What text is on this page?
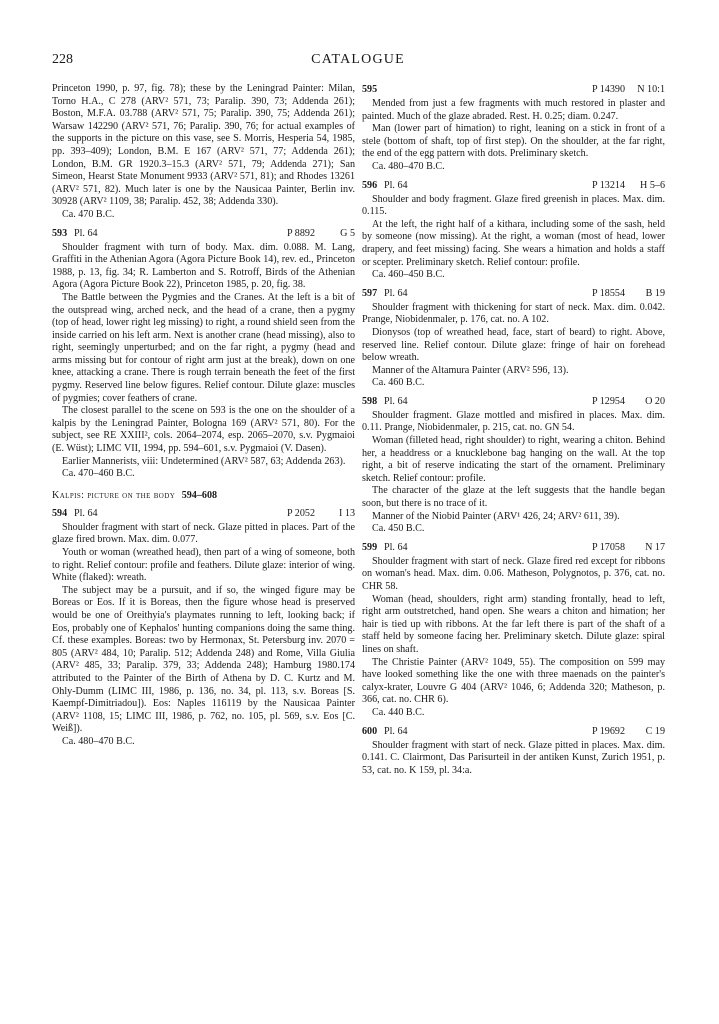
228	CATALOGUE

Princeton 1990, p. 97, fig. 78); these by the Leningrad Painter: Milan, Torno H.A., C 278 (ARV² 571, 73; Paralip. 390, 73; Addenda 261); Boston, M.F.A. 03.788 (ARV² 571, 75; Paralip. 390, 75; Addenda 261); Warsaw 142290 (ARV² 571, 76; Paralip. 390, 76; for actual examples of the supports in the picture on this vase, see S. Morris, Hesperia 54, 1985, pp. 393–409); London, B.M. E 167 (ARV² 571, 77; Addenda 261); London, B.M. GR 1920.3–15.3 (ARV² 571, 79; Addenda 271); San Simeon, Hearst State Monument 9933 (ARV² 571, 81); and Rhodes 13261 (ARV² 571, 82). Much later is one by the Nausicaa Painter, Berlin inv. 30928 (ARV² 1109, 38; Paralip. 452, 38; Addenda 330).

Ca. 470 B.C.

593 Pl. 64	P 8892 G 5

Shoulder fragment with turn of body. Max. dim. 0.088. M. Lang, Graffiti in the Athenian Agora (Agora Picture Book 14), rev. ed., Princeton 1988, p. 13, fig. 34; R. Lamberton and S. Rotroff, Birds of the Athenian Agora (Agora Picture Book 22), Princeton 1985, p. 20, fig. 38.

The Battle between the Pygmies and the Cranes. At the left is a bit of the outspread wing, arched neck, and the head of a crane, then a pygmy (top of head, lower right leg missing) to right, a round shield seen from the inside carried on his left arm. Next is another crane (head missing), also to right, seemingly unperturbed; and on the far right, a pygmy (head and arms missing but for contour of right arm just at the break), down on one knee, attacking a crane. There is rough terrain beneath the feet of the first pygmy. Reserved line below figures. Relief contour. Dilute glaze: muscles of pygmies; cover feathers of crane.

The closest parallel to the scene on 593 is the one on the shoulder of a kalpis by the Leningrad Painter, Bologna 169 (ARV² 571, 80). For the subject, see RE XXIII², cols. 2064–2074, esp. 2065–2070, s.v. Pygmaioi (E. Wüst); LIMC VII, 1994, pp. 594–601, s.v. Pygmaioi (V. Dasen).

Earlier Mannerists, viii: Undetermined (ARV² 587, 63; Addenda 263).

Ca. 470–460 B.C.

Kalpis: picture on the body 594–608
594 Pl. 64	P 2052 I 13

Shoulder fragment with start of neck. Glaze pitted in places. Part of the glaze fired brown. Max. dim. 0.077.

Youth or woman (wreathed head), then part of a wing of someone, both to right. Relief contour: profile and feathers. Dilute glaze: interior of wing. White (flaked): wreath.

The subject may be a pursuit, and if so, the winged figure may be Boreas or Eos. If it is Boreas, then the figure whose head is preserved would be one of Oreithyia's playmates running to left, looking back; if Eos, probably one of Kephalos' hunting companions doing the same thing. Cf. these examples. Boreas: two by Hermonax, St. Petersburg inv. 2070 = 805 (ARV² 484, 10; Paralip. 512; Addenda 248) and Rome, Villa Giulia (ARV² 485, 33; Paralip. 379, 33; Addenda 248); Hamburg 1980.174 attributed to the Painter of the Birth of Athena by D. C. Kurtz and M. Ohly-Dumm (LIMC III, 1986, p. 136, no. 34, pl. 113, s.v. Boreas [S. Kaempf-Dimitriadou]). Eos: Naples 116119 by the Nausicaa Painter (ARV² 1108, 15; LIMC III, 1986, p. 762, no. 105, pl. 569, s.v. Eos [C. Weiß]).

Ca. 480–470 B.C.

595	P 14390 N 10:1

Mended from just a few fragments with much restored in plaster and painted. Much of the glaze abraded. Rest. H. 0.25; diam. 0.247.

Man (lower part of himation) to right, leaning on a stick in front of a stele (bottom of shaft, top of first step). On the shoulder, at the far right, the end of the egg pattern with dots. Preliminary sketch.

Ca. 480–470 B.C.

596 Pl. 64	P 13214 H 5–6

Shoulder and body fragment. Glaze fired greenish in places. Max. dim. 0.115.

At the left, the right half of a kithara, including some of the sash, held by someone (now missing). At the right, a woman (most of head, lower drapery, and feet missing) facing. She wears a himation and holds a staff or scepter. Preliminary sketch. Relief contour: profile.

Ca. 460–450 B.C.

597 Pl. 64	P 18554 B 19

Shoulder fragment with thickening for start of neck. Max. dim. 0.042. Prange, Niobidenmaler, p. 176, cat. no. A 102.

Dionysos (top of wreathed head, face, start of beard) to right. Above, reserved line. Relief contour. Dilute glaze: fringe of hair on forehead below wreath.

Manner of the Altamura Painter (ARV² 596, 13).

Ca. 460 B.C.

598 Pl. 64	P 12954 O 20

Shoulder fragment. Glaze mottled and misfired in places. Max. dim. 0.11. Prange, Niobidenmaler, p. 215, cat. no. GN 54.

Woman (filleted head, right shoulder) to right, wearing a chiton. Behind her, a headdress or a knucklebone bag hanging on the wall. At the top right, a bit of reserve indicating the start of the ornament. Preliminary sketch. Relief contour: profile.

The character of the glaze at the left suggests that the handle began soon, but there is no trace of it.

Manner of the Niobid Painter (ARV¹ 426, 24; ARV² 611, 39).

Ca. 450 B.C.

599 Pl. 64	P 17058 N 17

Shoulder fragment with start of neck. Glaze fired red except for ribbons on woman's head. Max. dim. 0.06. Matheson, Polygnotos, p. 376, cat. no. CHR 58.

Woman (head, shoulders, right arm) standing frontally, head to left, right arm outstretched, hand open. She wears a chiton and himation; her hair is tied up with ribbons. At the far left there is part of the shaft of a staff held by someone facing her. Preliminary sketch. Dilute glaze: spiral lines on shaft.

The Christie Painter (ARV² 1049, 55). The composition on 599 may have looked something like the one with three maenads on the painter's calyx-krater, Louvre G 404 (ARV² 1046, 6; Addenda 320; Matheson, p. 366, cat. no. CHR 6).

Ca. 440 B.C.

600 Pl. 64	P 19692 C 19

Shoulder fragment with start of neck. Glaze pitted in places. Max. dim. 0.141. C. Clairmont, Das Parisurteil in der antiken Kunst, Zurich 1951, p. 53, cat. no. K 159, pl. 34:a.
